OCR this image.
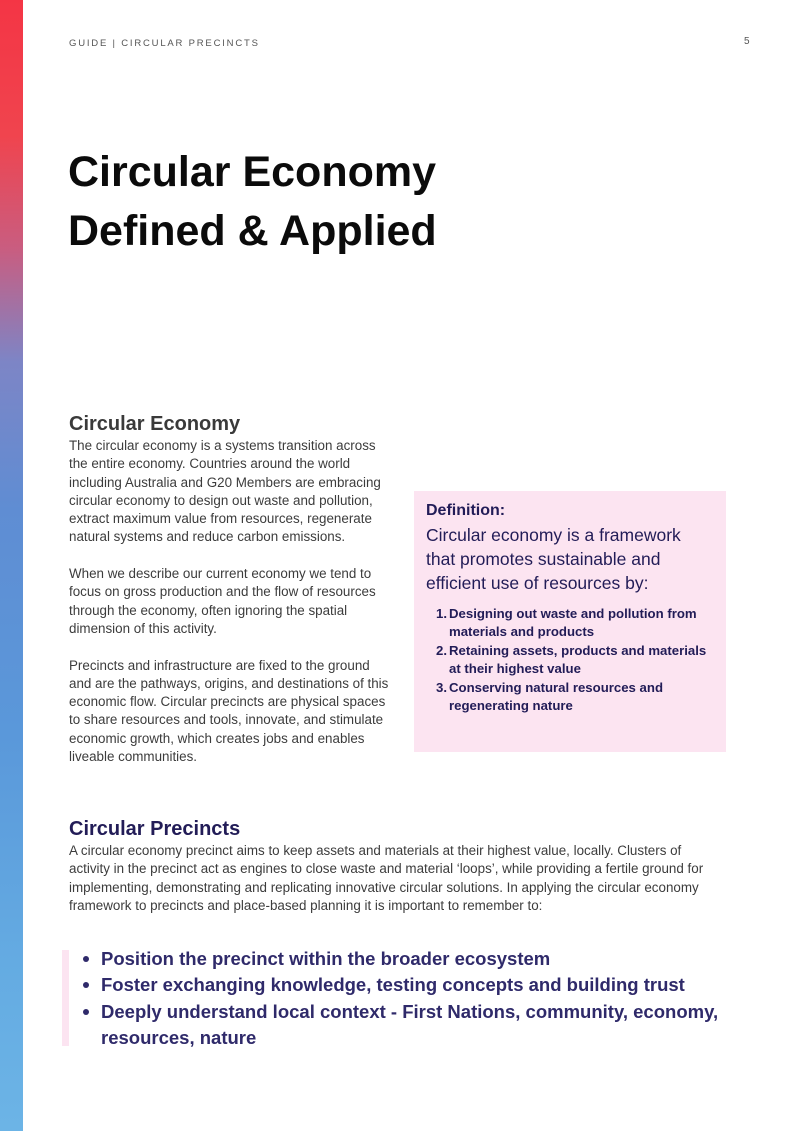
GUIDE | CIRCULAR PRECINCTS	5
Circular Economy
Defined & Applied
Circular Economy

The circular economy is a systems transition across the entire economy. Countries around the world including Australia and G20 Members are embracing circular economy to design out waste and pollution, extract maximum value from resources, regenerate natural systems and reduce carbon emissions.

When we describe our current economy we tend to focus on gross production and the flow of resources through the economy, often ignoring the spatial dimension of this activity.

Precincts and infrastructure are fixed to the ground and are the pathways, origins, and destinations of this economic flow. Circular precincts are physical spaces to share resources and tools, innovate, and stimulate economic growth, which creates jobs and enables liveable communities.

Definition:
Circular economy is a framework that promotes sustainable and efficient use of resources by:
1. Designing out waste and pollution from materials and products
2. Retaining assets, products and materials at their highest value
3. Conserving natural resources and regenerating nature
Circular Precincts

A circular economy precinct aims to keep assets and materials at their highest value, locally. Clusters of activity in the precinct act as engines to close waste and material ‘loops’, while providing a fertile ground for implementing, demonstrating and replicating innovative circular solutions. In applying the circular economy framework to precincts and place-based planning it is important to remember to:

Position the precinct within the broader ecosystem
Foster exchanging knowledge, testing concepts and building trust
Deeply understand local context - First Nations, community, economy, resources, nature
